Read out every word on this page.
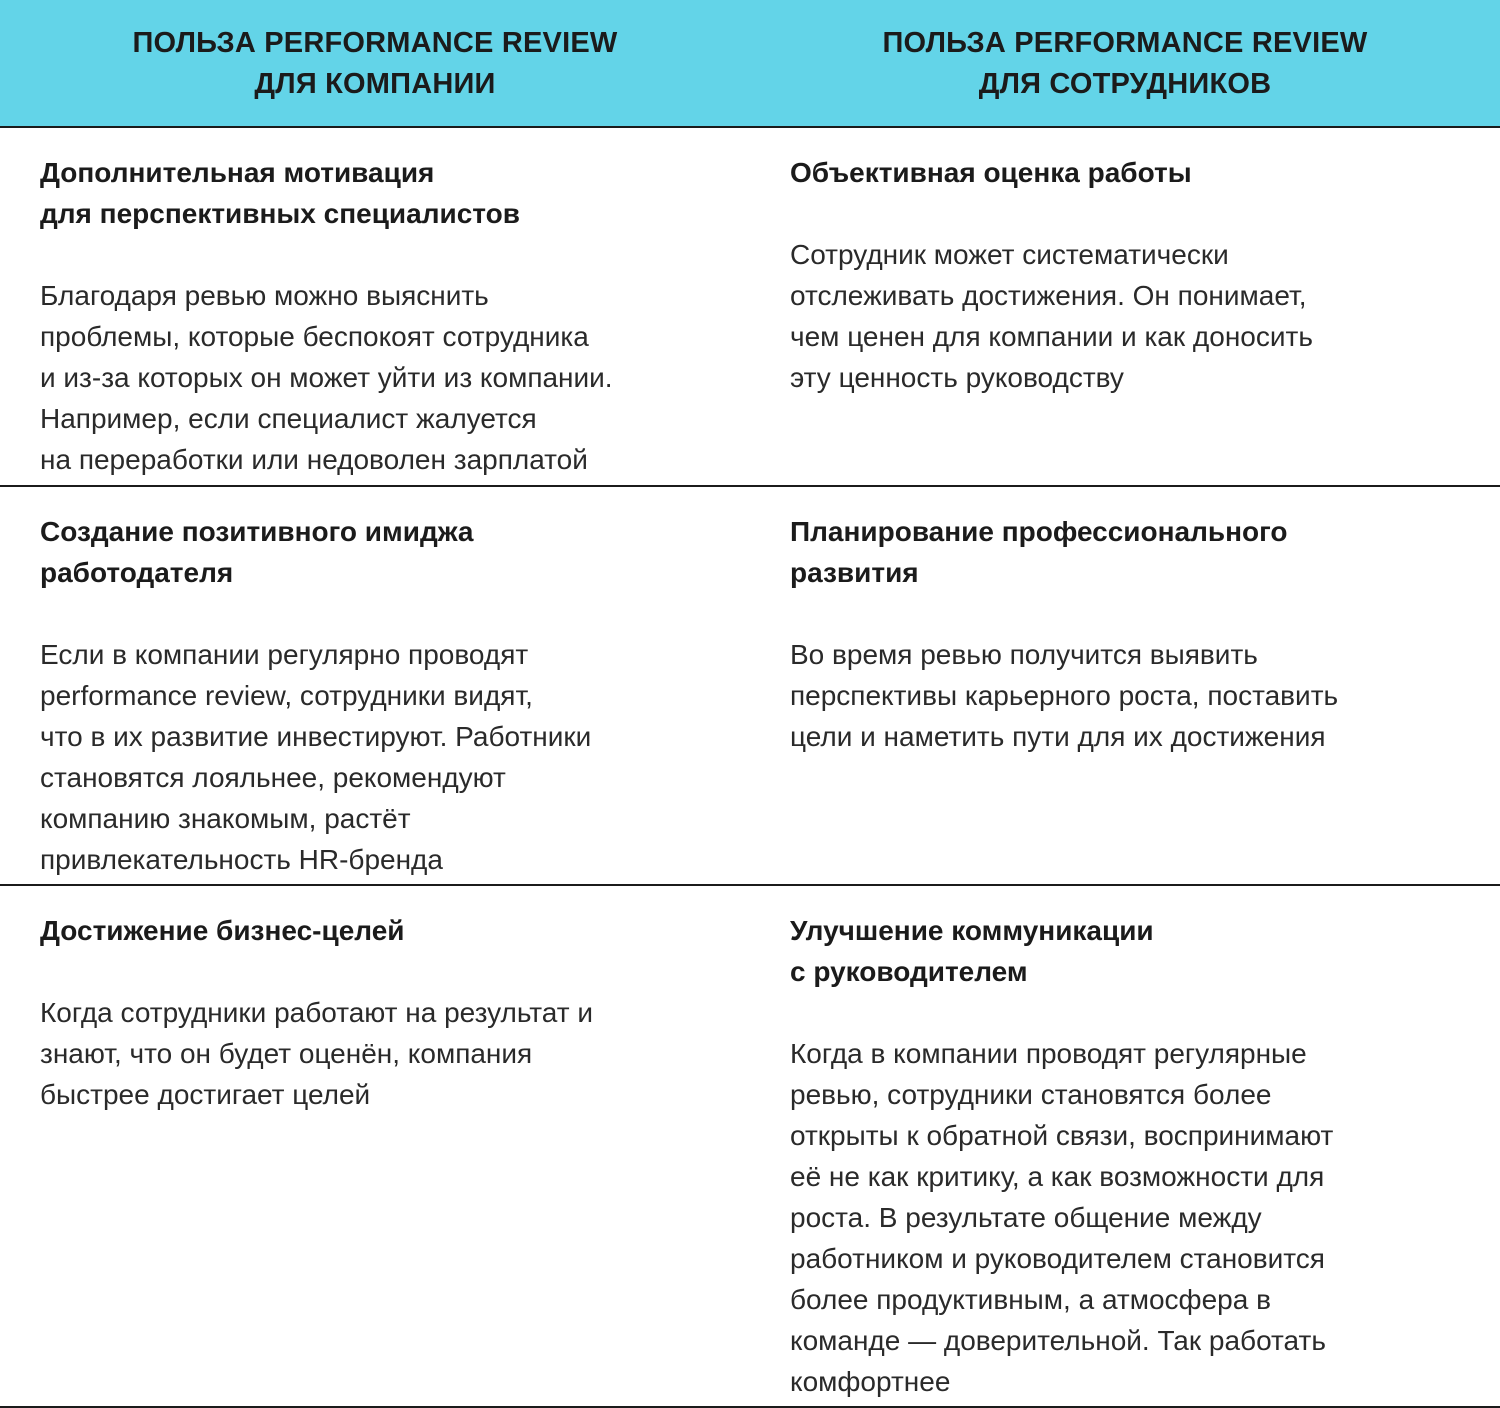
ПОЛЬЗА PERFORMANCE REVIEW
ДЛЯ КОМПАНИИ
ПОЛЬЗА PERFORMANCE REVIEW
ДЛЯ СОТРУДНИКОВ

Дополнительная мотивация
для перспективных специалистов

Благодаря ревью можно выяснить
проблемы, которые беспокоят сотрудника
и из-за которых он может уйти из компании.
Например, если специалист жалуется
на переработки или недоволен зарплатой

Объективная оценка работы

Сотрудник может систематически
отслеживать достижения. Он понимает,
чем ценен для компании и как доносить
эту ценность руководству

Создание позитивного имиджа
работодателя

Если в компании регулярно проводят
performance review, сотрудники видят,
что в их развитие инвестируют. Работники
становятся лояльнее, рекомендуют
компанию знакомым, растёт
привлекательность HR-бренда

Планирование профессионального
развития

Во время ревью получится выявить
перспективы карьерного роста, поставить
цели и наметить пути для их достижения

Достижение бизнес-целей

Когда сотрудники работают на результат и
знают, что он будет оценён, компания
быстрее достигает целей

Улучшение коммуникации
с руководителем

Когда в компании проводят регулярные
ревью, сотрудники становятся более
открыты к обратной связи, воспринимают
её не как критику, а как возможности для
роста. В результате общение между
работником и руководителем становится
более продуктивным, а атмосфера в
команде — доверительной. Так работать
комфортнее
